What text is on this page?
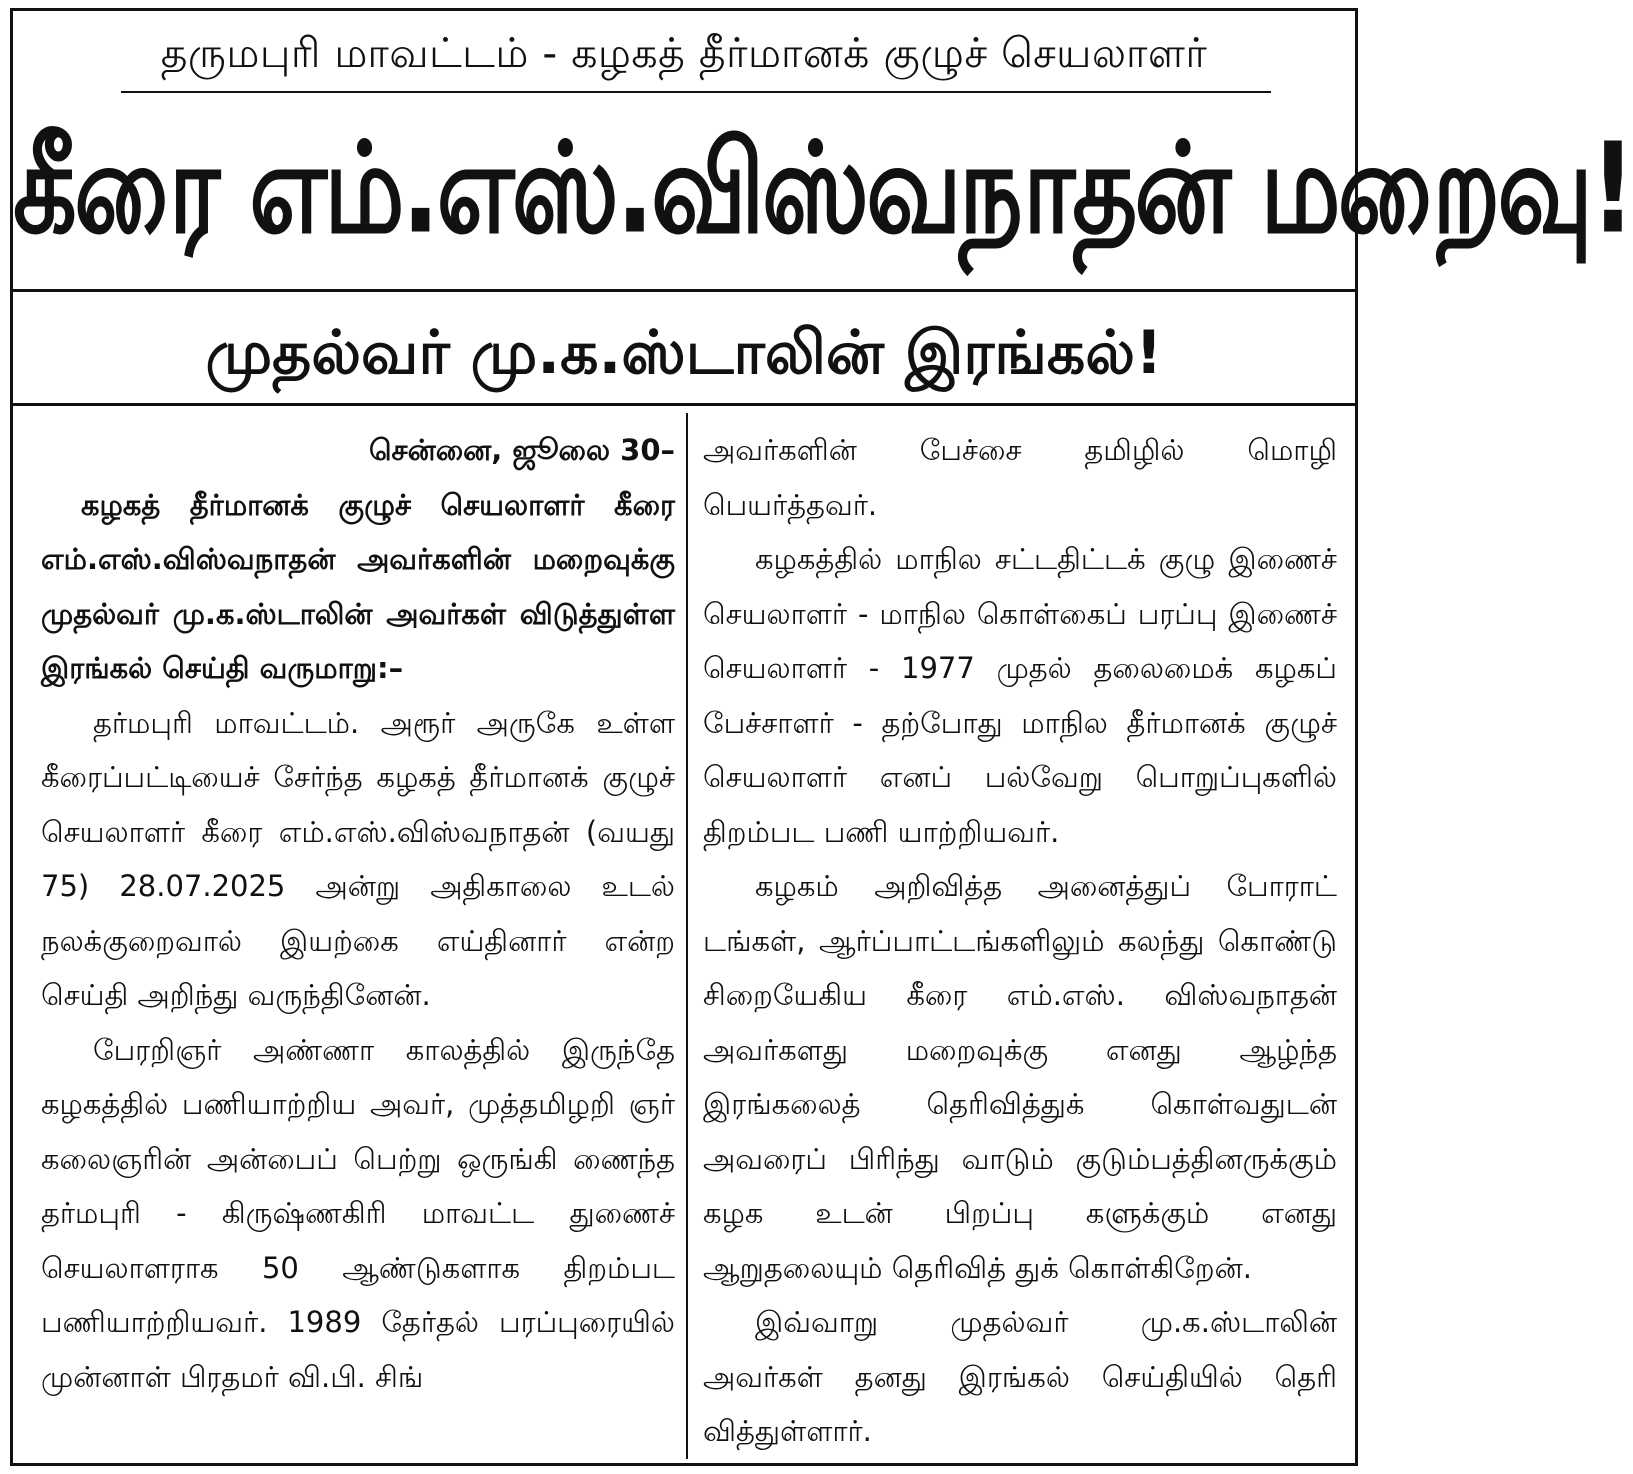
தருமபுரி மாவட்டம் - கழகத் தீர்மானக் குழுச் செயலாளர்
கீரை எம்.எஸ்.விஸ்வநாதன் மறைவு!
முதல்வர் மு.க.ஸ்டாலின் இரங்கல்!

சென்னை, ஜூலை 30–

கழகத் தீர்மானக் குழுச் செயலாளர் கீரை எம்.எஸ்.விஸ்வநாதன் அவர்களின் மறைவுக்கு முதல்வர் மு.க.ஸ்டாலின் அவர்கள் விடுத்துள்ள இரங்கல் செய்தி வருமாறு:–

தர்மபுரி மாவட்டம். அரூர் அருகே உள்ள கீரைப்பட்டியைச் சேர்ந்த கழகத் தீர்மானக் குழுச் செயலாளர் கீரை எம்.எஸ்.விஸ்வநாதன் (வயது 75) 28.07.2025 அன்று அதிகாலை உடல் நலக்குறைவால் இயற்கை எய்தினார் என்ற செய்தி அறிந்து வருந்தினேன்.

பேரறிஞர் அண்ணா காலத்தில் இருந்தே கழகத்தில் பணியாற்றிய அவர், முத்தமிழறி ஞர் கலைஞரின் அன்பைப் பெற்று ஒருங்கி ணைந்த தர்மபுரி - கிருஷ்ணகிரி மாவட்ட துணைச் செயலாளராக 50 ஆண்டுகளாக திறம்பட பணியாற்றியவர். 1989 தேர்தல் பரப்புரையில் முன்னாள் பிரதமர் வி.பி. சிங்

அவர்களின் பேச்சை தமிழில் மொழி பெயர்த்தவர்.

கழகத்தில் மாநில சட்டதிட்டக் குழு இணைச் செயலாளர் - மாநில கொள்கைப் பரப்பு இணைச் செயலாளர் - 1977 முதல் தலைமைக் கழகப் பேச்சாளர் - தற்போது மாநில தீர்மானக் குழுச் செயலாளர் எனப் பல்வேறு பொறுப்புகளில் திறம்பட பணி யாற்றியவர்.

கழகம் அறிவித்த அனைத்துப் போராட் டங்கள், ஆர்ப்பாட்டங்களிலும் கலந்து கொண்டு சிறையேகிய கீரை எம்.எஸ். விஸ்வநாதன் அவர்களது மறைவுக்கு எனது ஆழ்ந்த இரங்கலைத் தெரிவித்துக் கொள்வதுடன் அவரைப் பிரிந்து வாடும் குடும்பத்தினருக்கும் கழக உடன் பிறப்பு களுக்கும் எனது ஆறுதலையும் தெரிவித் துக் கொள்கிறேன்.

இவ்வாறு முதல்வர் மு.க.ஸ்டாலின் அவர்கள் தனது இரங்கல் செய்தியில் தெரி வித்துள்ளார்.
